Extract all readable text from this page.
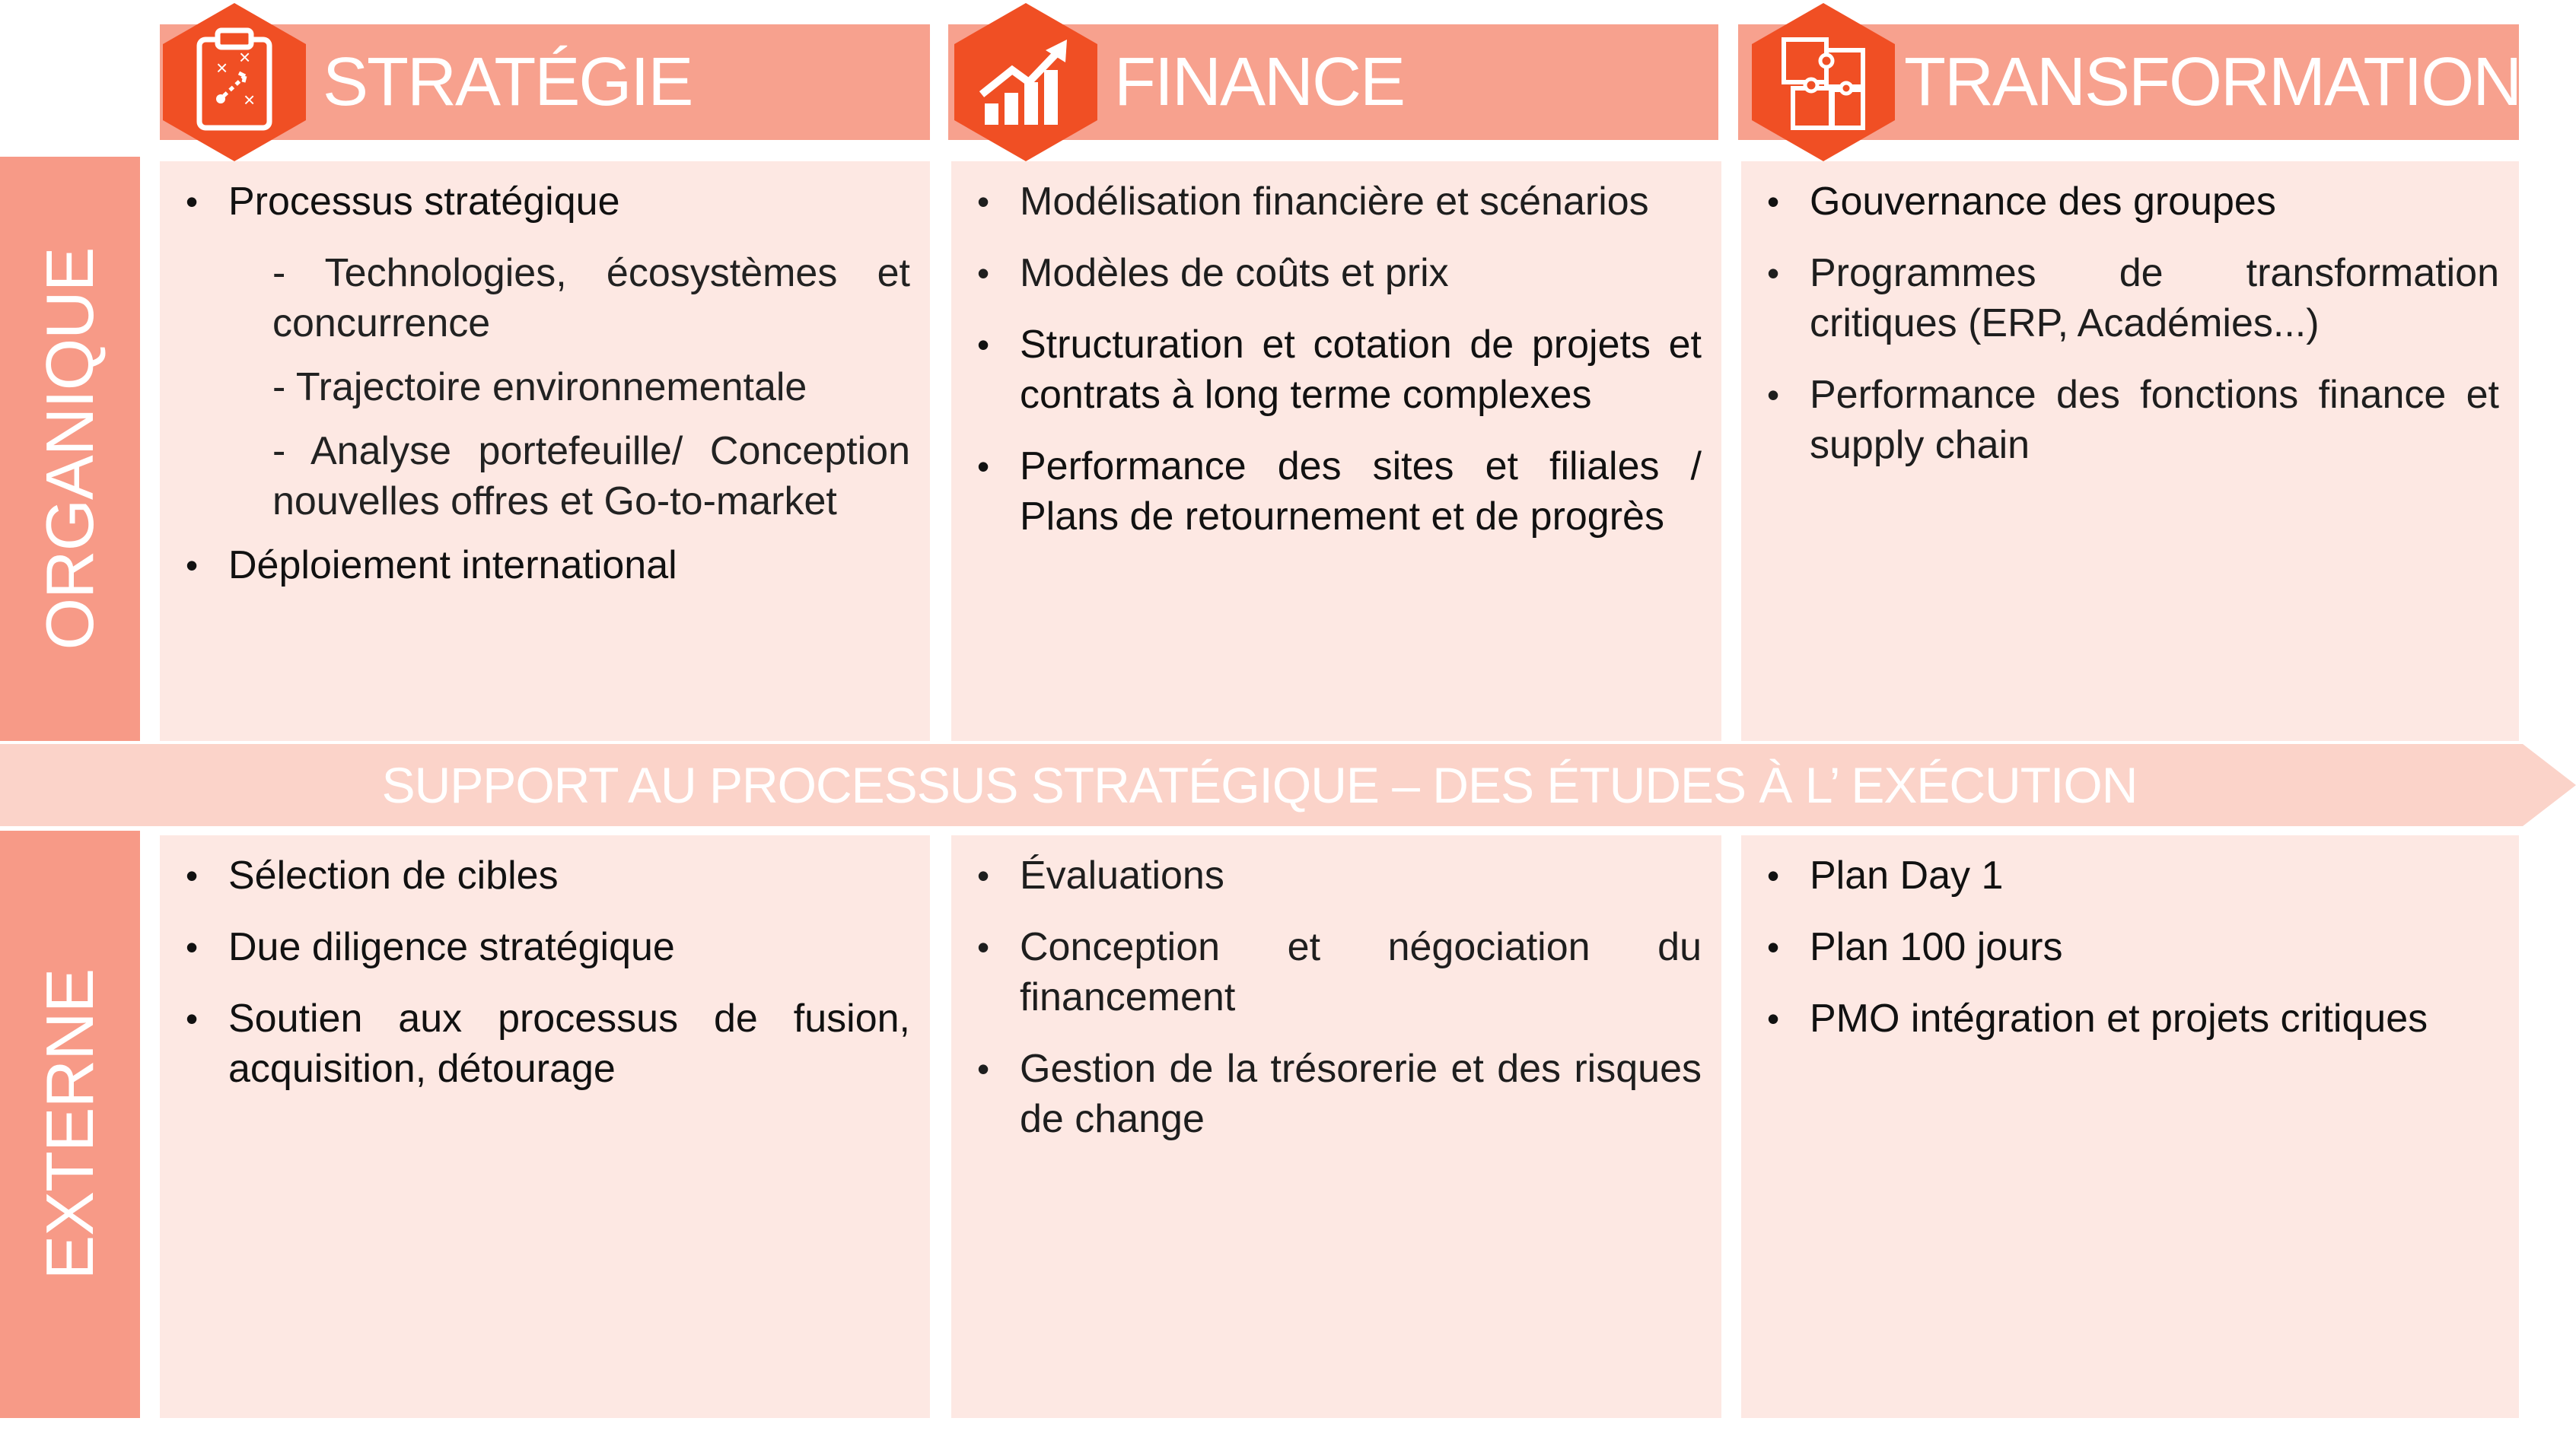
× ×
× STRATÉGIE	FINANCE	TRANSFORMATION
ORGANIQUE
EXTERNE
• Processus stratégique
- Technologies, écosystèmes et concurrence
- Trajectoire environnementale
- Analyse portefeuille/ Conception nouvelles offres et Go-to-market
• Déploiement international
• Modélisation financière et scénarios
• Modèles de coûts et prix
• Structuration et cotation de projets et contrats à long terme complexes
• Performance des sites et filiales / Plans de retournement et de progrès
• Gouvernance des groupes
• Programmes de transformation critiques (ERP, Académies...)
• Performance des fonctions finance et supply chain
SUPPORT AU PROCESSUS STRATÉGIQUE – DES ÉTUDES À L’ EXÉCUTION
• Sélection de cibles
• Due diligence stratégique
• Soutien aux processus de fusion, acquisition, détourage
• Évaluations
• Conception et négociation du financement
• Gestion de la trésorerie et des risques de change
• Plan Day 1
• Plan 100 jours
• PMO intégration et projets critiques
